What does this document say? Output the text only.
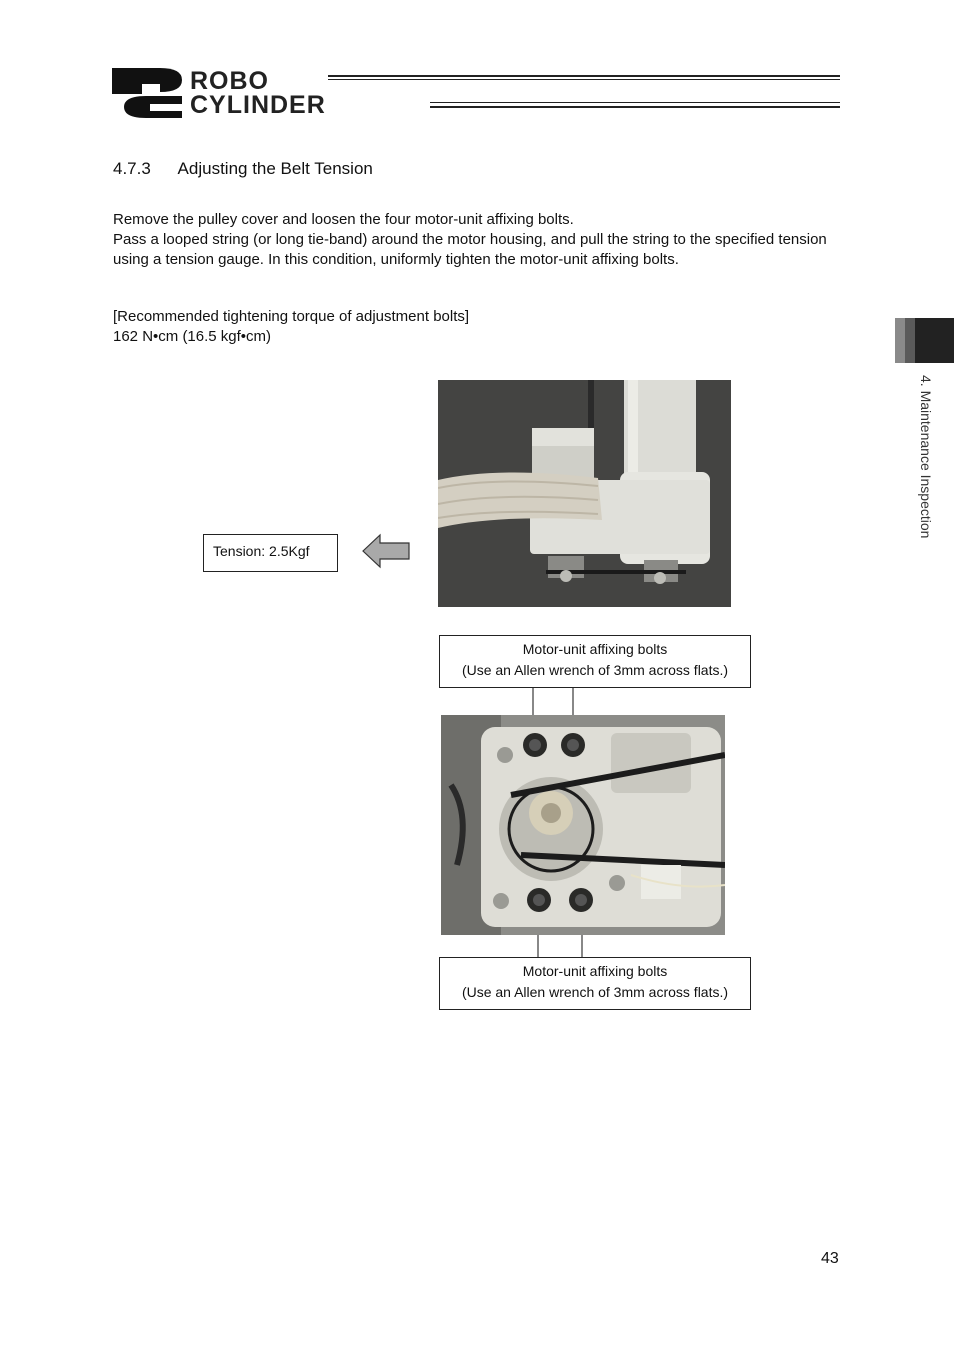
ROBO
CYLINDER
4.7.3 Adjusting the Belt Tension
Remove the pulley cover and loosen the four motor-unit affixing bolts.
Pass a looped string (or long tie-band) around the motor housing, and pull the string to the specified tension using a tension gauge. In this condition, uniformly tighten the motor-unit affixing bolts.
[Recommended tightening torque of adjustment bolts]
162 N•cm (16.5 kgf•cm)
Tension: 2.5Kgf
Motor-unit affixing bolts
(Use an Allen wrench of 3mm across flats.)
Motor-unit affixing bolts
(Use an Allen wrench of 3mm across flats.)
4. Maintenance Inspection
43
